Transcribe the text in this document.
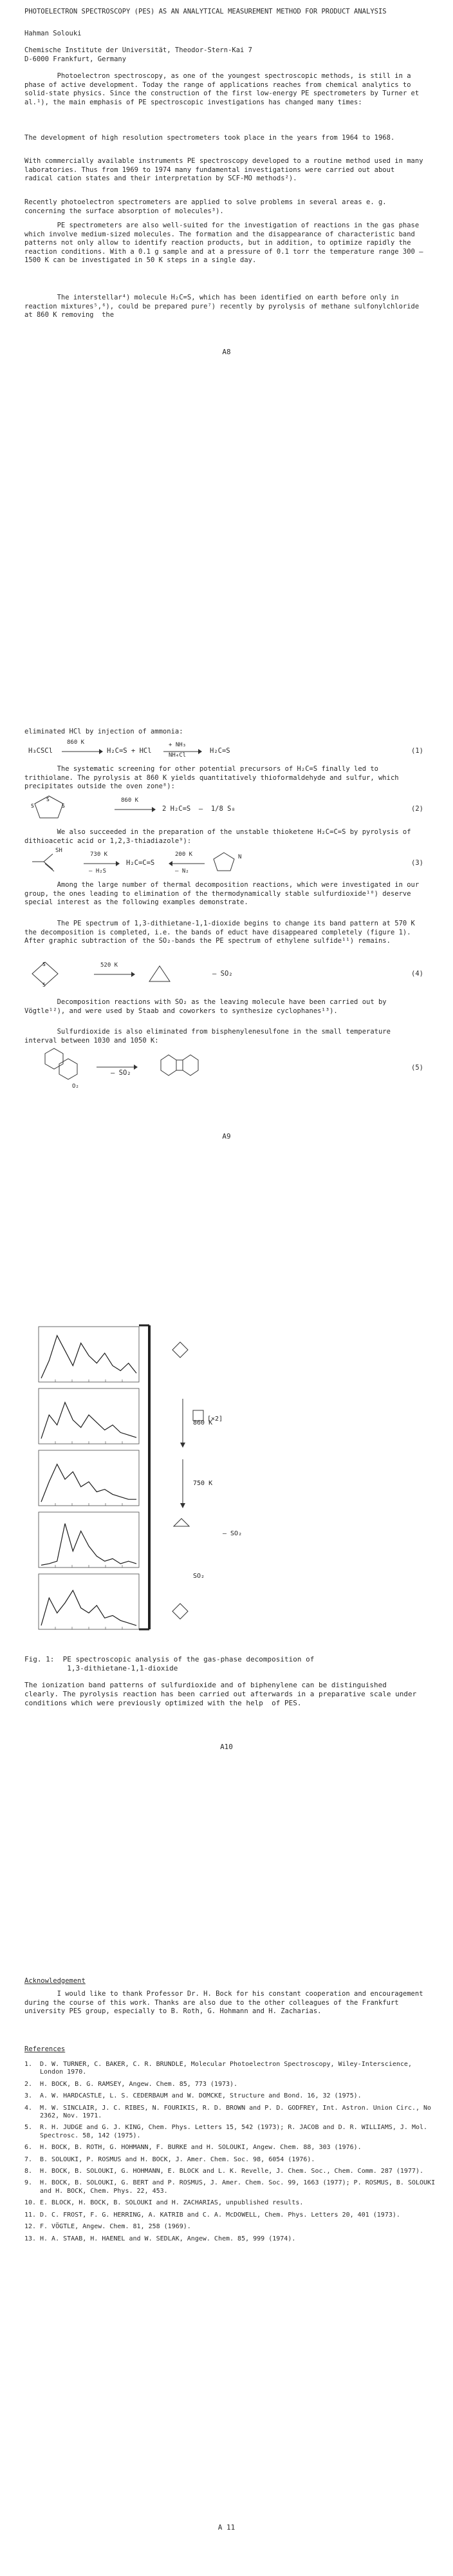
PHOTOELECTRON SPECTROSCOPY (PES) AS AN ANALYTICAL MEASUREMENT METHOD FOR PRODUCT ANALYSIS

Hahman Solouki

Chemische Institute der Universität, Theodor-Stern-Kai 7
D-6000 Frankfurt, Germany

Photoelectron spectroscopy, as one of the youngest spectroscopic methods, is still in a phase of active development. Today the range of applications reaches from chemical analytics to solid-state physics. Since the construction of the first low-energy PE spectrometers by Turner et al.¹), the main emphasis of PE spectroscopic investigations has changed many times:

The development of high resolution spectrometers took place in the years from 1964 to 1968.

With commercially available instruments PE spectroscopy developed to a routine method used in many laboratories. Thus from 1969 to 1974 many fundamental investigations were carried out about radical cation states and their interpretation by SCF-MO methods²).

Recently photoelectron spectrometers are applied to solve problems in several areas e. g. concerning the surface absorption of molecules³).

PE spectrometers are also well-suited for the investigation of reactions in the gas phase which involve medium-sized molecules. The formation and the disappearance of characteristic band patterns not only allow to identify reaction products, but in addition, to optimize rapidly the reaction conditions. With a 0.1 g sample and at a pressure of 0.1 torr the temperature range 300 – 1500 K can be investigated in 50 K steps in a single day.

The interstellar⁴) molecule H₂C=S, which has been identified on earth before only in reaction mixtures⁵,⁶), could be prepared pure⁷) recently by pyrolysis of methane sulfonylchloride at 860 K removing  the

A8

eliminated HCl by injection of ammonia:

H₃CSCl
860 K
H₂C=S + HCl
+ NH₃
NH₄Cl
H₂C=S	(1)

The systematic screening for other potential precursors of H₂C=S finally led to trithiolane. The pyrolysis at 860 K yields quantitatively thioformaldehyde and sulfur, which precipitates outside the oven zone⁸):

S
S	S
860 K
2 H₂C=S  –  1/8 S₈	(2)

We also succeeded in the preparation of the unstable thioketene H₂C=C=S by pyrolysis of dithioacetic acid or 1,2,3-thiadiazole⁹):

SH
730 K
– H₂S
H₂C=C=S
200 K
– N₂
N
(3)

Among the large number of thermal decomposition reactions, which were investigated in our group, the ones leading to elimination of the thermodynamically stable sulfurdioxide¹⁰) deserve special interest as the following examples demonstrate.

The PE spectrum of 1,3-dithietane-1,1-dioxide begins to change its band pattern at 570 K the decomposition is completed, i.e. the bands of educt have disappeared completely (figure 1). After graphic subtraction of the SO₂-bands the PE spectrum of ethylene sulfide¹¹) remains.

S
S
520 K
– SO₂	(4)

Decomposition reactions with SO₂ as the leaving molecule have been carried out by Vögtle¹²), and were used by Staab and coworkers to synthesize cyclophanes¹³).

Sulfurdioxide is also eliminated from bisphenylenesulfone in the small temperature interval between 1030 and 1050 K:

O₂
– SO₂
(5)
A9
860 K
750 K
– SO₂
SO₂
[×2]

Fig. 1:  PE spectroscopic analysis of the gas-phase decomposition of
1,3-dithietane-1,1-dioxide

The ionization band patterns of sulfurdioxide and of biphenylene can be distinguished clearly. The pyrolysis reaction has been carried out afterwards in a preparative scale under conditions which were previously optimized with the help  of PES.

A10

Acknowledgement

I would like to thank Professor Dr. H. Bock for his constant cooperation and encouragement during the course of this work. Thanks are also due to the other colleagues of the Frankfurt university PES group, especially to B. Roth, G. Hohmann and H. Zacharias.

References

1.	D. W. TURNER, C. BAKER, C. R. BRUNDLE, Molecular Photoelectron Spectroscopy, Wiley-Interscience, London 1970.
2.	H. BOCK, B. G. RAMSEY, Angew. Chem. 85, 773 (1973).
3.	A. W. HARDCASTLE, L. S. CEDERBAUM and W. DOMCKE, Structure and Bond. 16, 32 (1975).
4.	M. W. SINCLAIR, J. C. RIBES, N. FOURIKIS, R. D. BROWN and P. D. GODFREY, Int. Astron. Union Circ., No 2362, Nov. 1971.
5.	R. H. JUDGE and G. J. KING, Chem. Phys. Letters 15, 542 (1973); R. JACOB and D. R. WILLIAMS, J. Mol. Spectrosc. 58, 142 (1975).
6.	H. BOCK, B. ROTH, G. HOHMANN, F. BURKE and H. SOLOUKI, Angew. Chem. 88, 303 (1976).
7.	B. SOLOUKI, P. ROSMUS and H. BOCK, J. Amer. Chem. Soc. 98, 6054 (1976).
8.	H. BOCK, B. SOLOUKI, G. HOHMANN, E. BLOCK and L. K. Revelle, J. Chem. Soc., Chem. Comm. 287 (1977).
9.	H. BOCK, B. SOLOUKI, G. BERT and P. ROSMUS, J. Amer. Chem. Soc. 99, 1663 (1977); P. ROSMUS, B. SOLOUKI and H. BOCK, Chem. Phys. 22, 453.
10. E. BLOCK, H. BOCK, B. SOLOUKI and H. ZACHARIAS, unpublished results.
11. D. C. FROST, F. G. HERRING, A. KATRIB and C. A. McDOWELL, Chem. Phys. Letters 20, 401 (1973).
12. F. VÖGTLE, Angew. Chem. 81, 258 (1969).
13. H. A. STAAB, H. HAENEL and W. SEDLAK, Angew. Chem. 85, 999 (1974).
A 11
